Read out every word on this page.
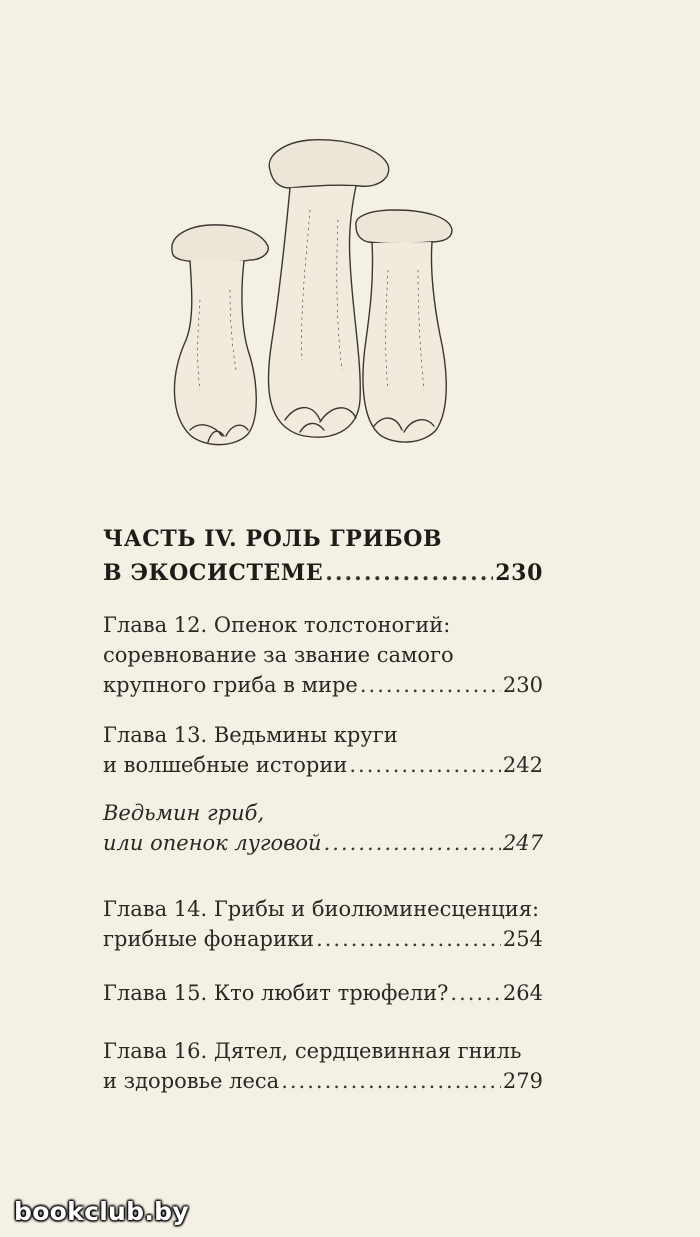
ЧАСТЬ IV. РОЛЬ ГРИБОВ
В ЭКОСИСТЕМЕ .....	230
Глава 12. Опенок толстоногий:
соревнование за звание самого
крупного гриба в мире .....	230
Глава 13. Ведьмины круги
и волшебные истории .....	242
Ведьмин гриб,
или опенок луговой .....	247
Глава 14. Грибы и биолюминесценция:
грибные фонарики .....	254
Глава 15. Кто любит трюфели? .....	264
Глава 16. Дятел, сердцевинная гниль
и здоровье леса .....	279
bookclub.by
